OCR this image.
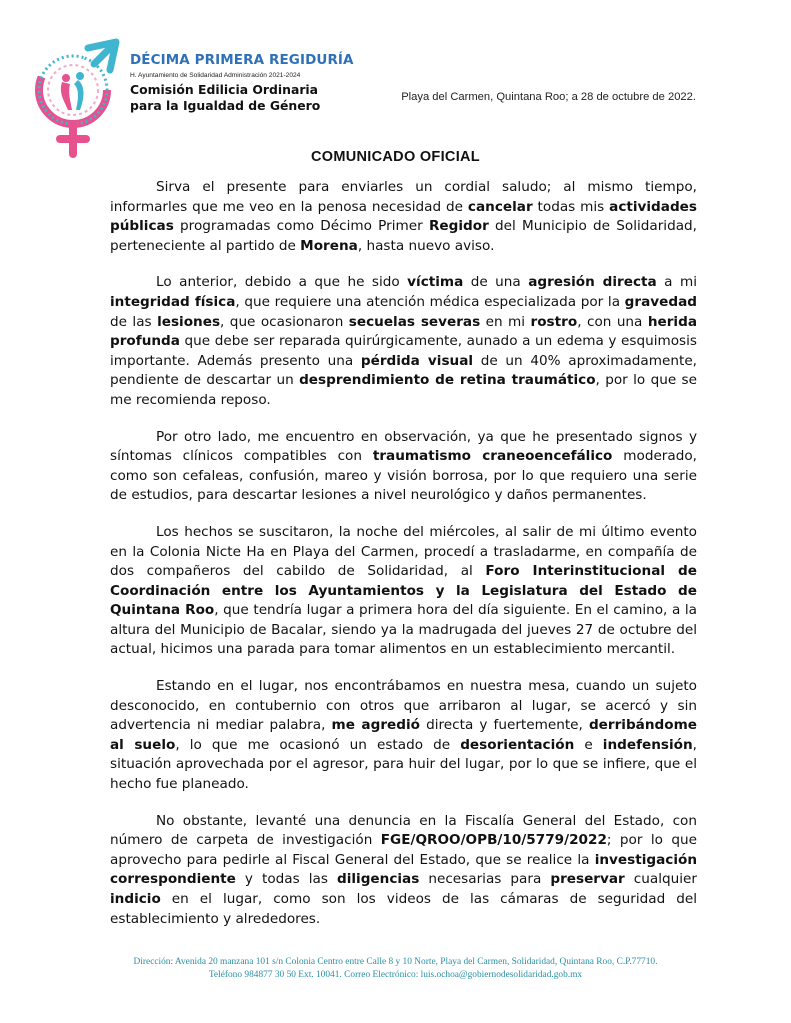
DÉCIMA PRIMERA REGIDURÍA
H. Ayuntamiento de Solidaridad Administración 2021-2024
Comisión Edilicia Ordinaria
para la Igualdad de Género
Playa del Carmen, Quintana Roo; a 28 de octubre de 2022.
COMUNICADO OFICIAL

Sirva el presente para enviarles un cordial saludo; al mismo tiempo, informarles que me veo en la penosa necesidad de cancelar todas mis actividades públicas programadas como Décimo Primer Regidor del Municipio de Solidaridad, perteneciente al partido de Morena, hasta nuevo aviso.

Lo anterior, debido a que he sido víctima de una agresión directa a mi integridad física, que requiere una atención médica especializada por la gravedad de las lesiones, que ocasionaron secuelas severas en mi rostro, con una herida profunda que debe ser reparada quirúrgicamente, aunado a un edema y esquimosis importante. Además presento una pérdida visual de un 40% aproximadamente, pendiente de descartar un desprendimiento de retina traumático, por lo que se me recomienda reposo.

Por otro lado, me encuentro en observación, ya que he presentado signos y síntomas clínicos compatibles con traumatismo craneoencefálico moderado, como son cefaleas, confusión, mareo y visión borrosa, por lo que requiero una serie de estudios, para descartar lesiones a nivel neurológico y daños permanentes.

Los hechos se suscitaron, la noche del miércoles, al salir de mi último evento en la Colonia Nicte Ha en Playa del Carmen, procedí a trasladarme, en compañía de dos compañeros del cabildo de Solidaridad, al Foro Interinstitucional de Coordinación entre los Ayuntamientos y la Legislatura del Estado de Quintana Roo, que tendría lugar a primera hora del día siguiente. En el camino, a la altura del Municipio de Bacalar, siendo ya la madrugada del jueves 27 de octubre del actual, hicimos una parada para tomar alimentos en un establecimiento mercantil.

Estando en el lugar, nos encontrábamos en nuestra mesa, cuando un sujeto desconocido, en contubernio con otros que arribaron al lugar, se acercó y sin advertencia ni mediar palabra, me agredió directa y fuertemente, derribándome al suelo, lo que me ocasionó un estado de desorientación e indefensión, situación aprovechada por el agresor, para huir del lugar, por lo que se infiere, que el hecho fue planeado.

No obstante, levanté una denuncia en la Fiscalía General del Estado, con número de carpeta de investigación FGE/QROO/OPB/10/5779/2022; por lo que aprovecho para pedirle al Fiscal General del Estado, que se realice la investigación correspondiente y todas las diligencias necesarias para preservar cualquier indicio en el lugar, como son los videos de las cámaras de seguridad del establecimiento y alrededores.

Dirección: Avenida 20 manzana 101 s/n Colonia Centro entre Calle 8 y 10 Norte, Playa del Carmen, Solidaridad, Quintana Roo, C.P.77710.
Teléfono 984877 30 50 Ext. 10041. Correo Electrónico: luis.ochoa@gobiernodesolidaridad.gob.mx
